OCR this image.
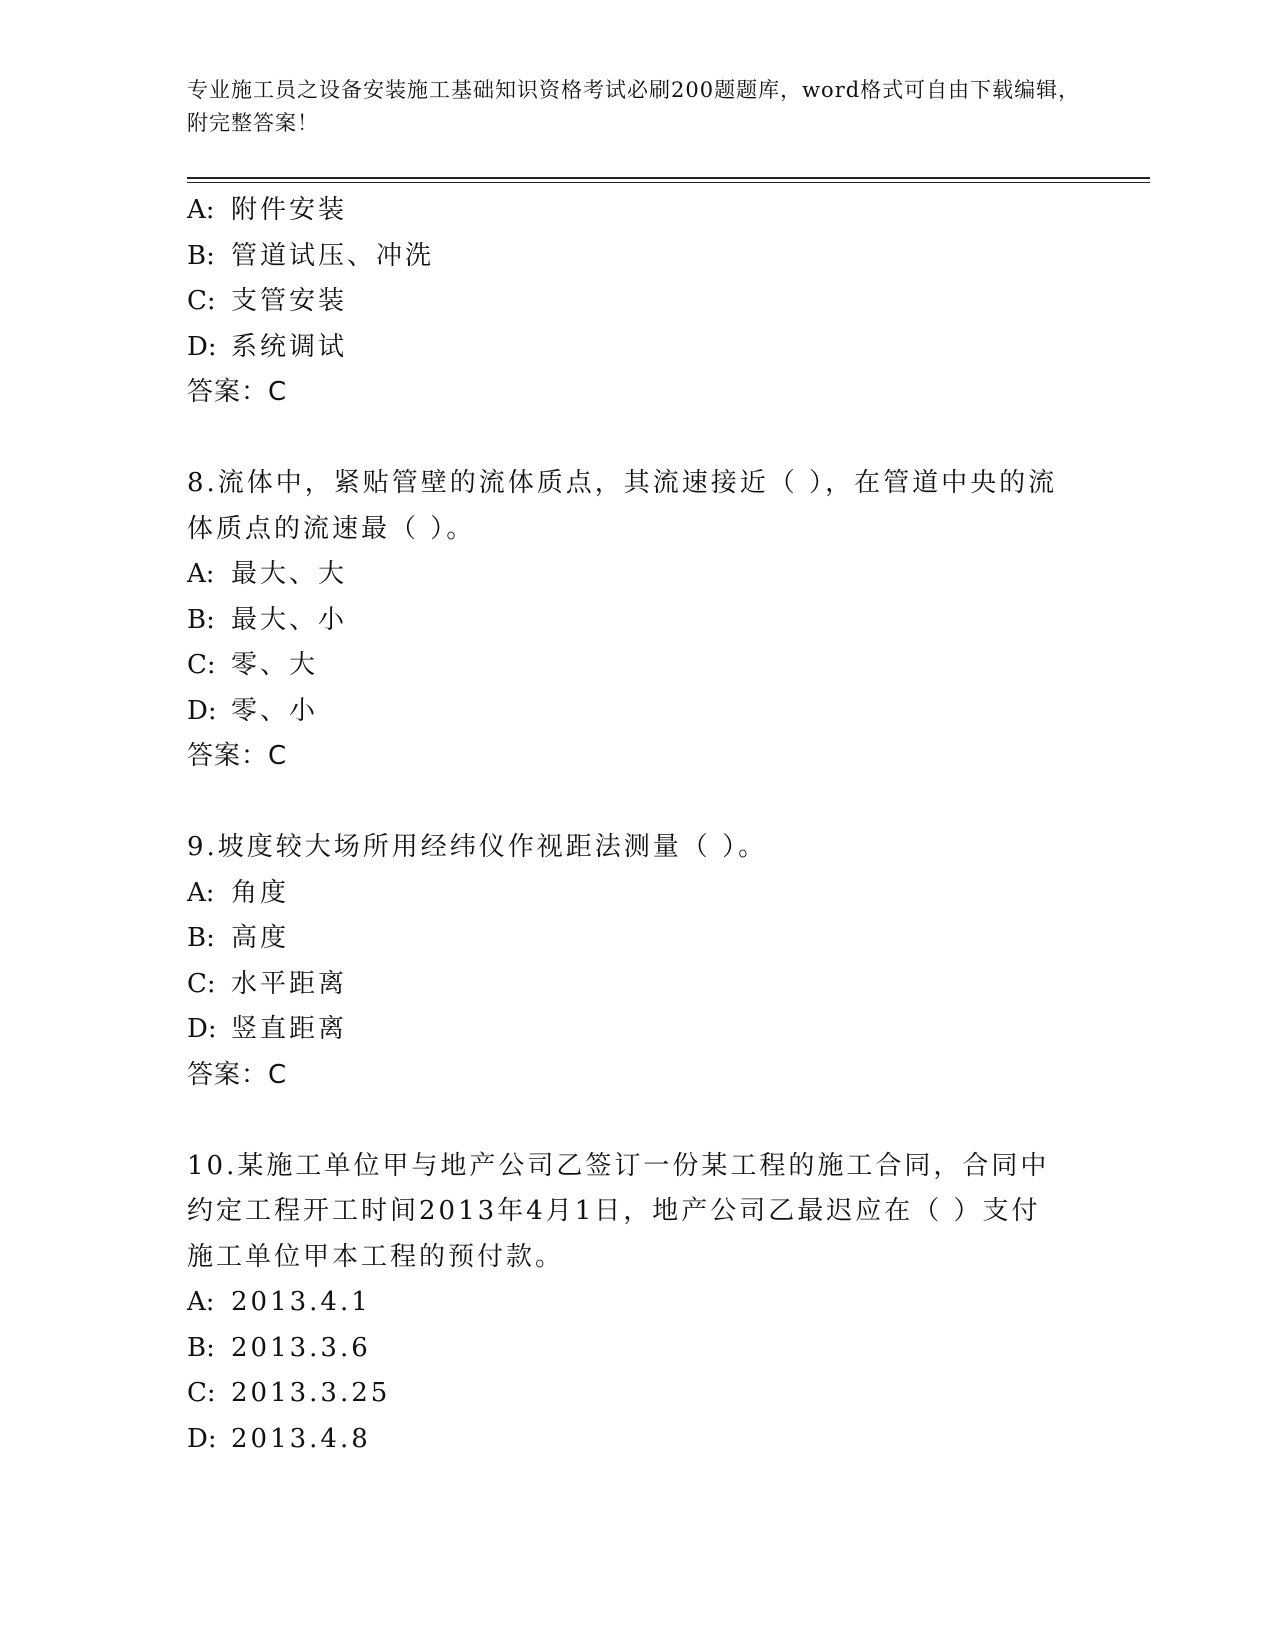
专业施工员之设备安装施工基础知识资格考试必刷200题题库，word格式可自由下载编辑，附完整答案！
A: 附件安装
B: 管道试压、冲洗
C: 支管安装
D: 系统调试
答案：C
8.流体中，紧贴管壁的流体质点，其流速接近（ ），在管道中央的流体质点的流速最（ ）。
A: 最大、大
B: 最大、小
C: 零、大
D: 零、小
答案：C
9.坡度较大场所用经纬仪作视距法测量（ ）。
A: 角度
B: 高度
C: 水平距离
D: 竖直距离
答案：C
10.某施工单位甲与地产公司乙签订一份某工程的施工合同，合同中约定工程开工时间2013年4月1日，地产公司乙最迟应在（ ）支付施工单位甲本工程的预付款。
A: 2013.4.1
B: 2013.3.6
C: 2013.3.25
D: 2013.4.8
